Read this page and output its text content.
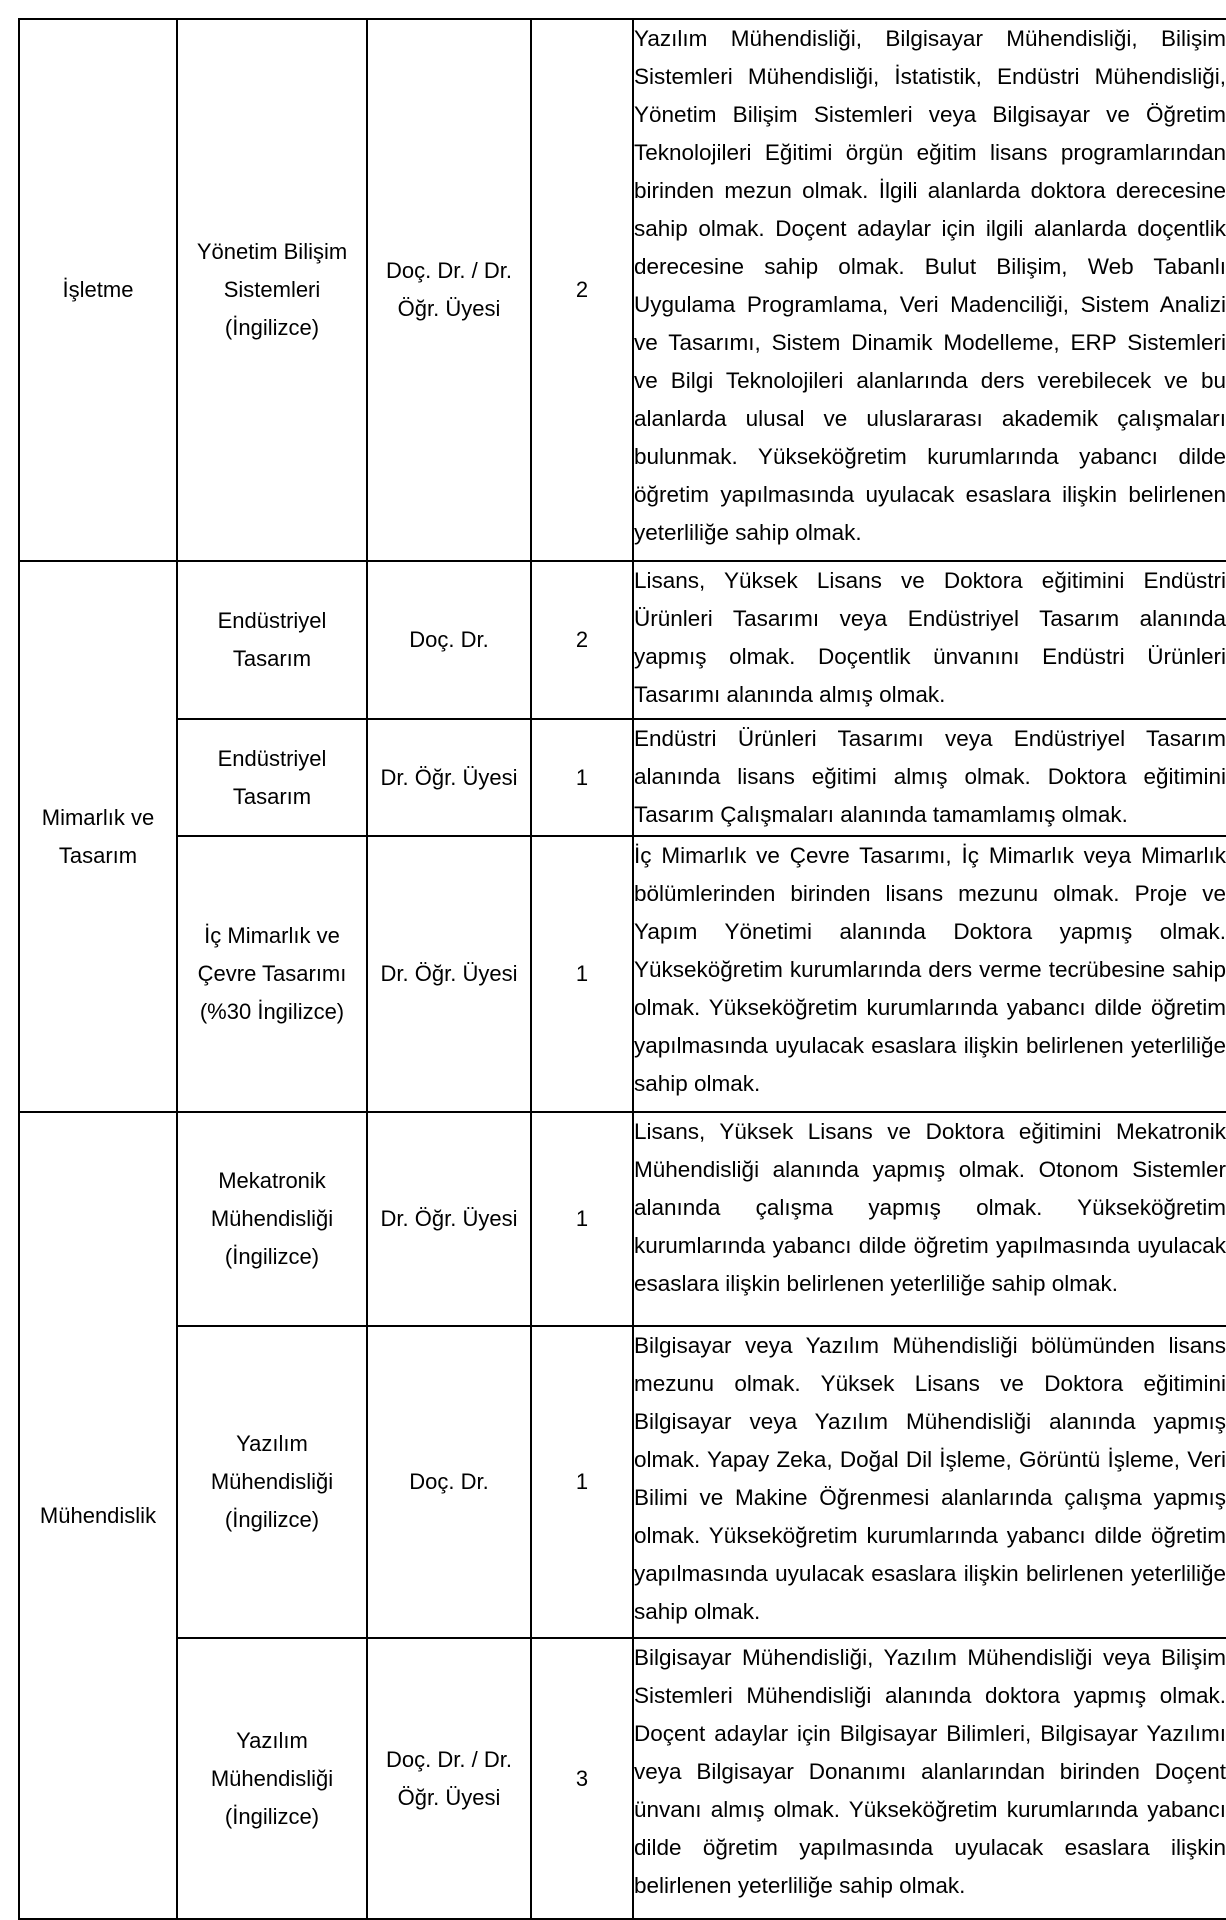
İşletme	Yönetim Bilişim Sistemleri (İngilizce)	Doç. Dr. / Dr. Öğr. Üyesi	2	Yazılım Mühendisliği, Bilgisayar Mühendisliği, Bilişim Sistemleri Mühendisliği, İstatistik, Endüstri Mühendisliği, Yönetim Bilişim Sistemleri veya Bilgisayar ve Öğretim Teknolojileri Eğitimi örgün eğitim lisans programlarından birinden mezun olmak. İlgili alanlarda doktora derecesine sahip olmak. Doçent adaylar için ilgili alanlarda doçentlik derecesine sahip olmak. Bulut Bilişim, Web Tabanlı Uygulama Programlama, Veri Madenciliği, Sistem Analizi ve Tasarımı, Sistem Dinamik Modelleme, ERP Sistemleri ve Bilgi Teknolojileri alanlarında ders verebilecek ve bu alanlarda ulusal ve uluslararası akademik çalışmaları bulunmak. Yükseköğretim kurumlarında yabancı dilde öğretim yapılmasında uyulacak esaslara ilişkin belirlenen yeterliliğe sahip olmak.
Mimarlık ve Tasarım	Endüstriyel Tasarım	Doç. Dr.	2	Lisans, Yüksek Lisans ve Doktora eğitimini Endüstri Ürünleri Tasarımı veya Endüstriyel Tasarım alanında yapmış olmak. Doçentlik ünvanını Endüstri Ürünleri Tasarımı alanında almış olmak.
	Endüstriyel Tasarım	Dr. Öğr. Üyesi	1	Endüstri Ürünleri Tasarımı veya Endüstriyel Tasarım alanında lisans eğitimi almış olmak. Doktora eğitimini Tasarım Çalışmaları alanında tamamlamış olmak.
	İç Mimarlık ve Çevre Tasarımı (%30 İngilizce)	Dr. Öğr. Üyesi	1	İç Mimarlık ve Çevre Tasarımı, İç Mimarlık veya Mimarlık bölümlerinden birinden lisans mezunu olmak. Proje ve Yapım Yönetimi alanında Doktora yapmış olmak. Yükseköğretim kurumlarında ders verme tecrübesine sahip olmak. Yükseköğretim kurumlarında yabancı dilde öğretim yapılmasında uyulacak esaslara ilişkin belirlenen yeterliliğe sahip olmak.
Mühendislik	Mekatronik Mühendisliği (İngilizce)	Dr. Öğr. Üyesi	1	Lisans, Yüksek Lisans ve Doktora eğitimini Mekatronik Mühendisliği alanında yapmış olmak. Otonom Sistemler alanında çalışma yapmış olmak. Yükseköğretim kurumlarında yabancı dilde öğretim yapılmasında uyulacak esaslara ilişkin belirlenen yeterliliğe sahip olmak.
	Yazılım Mühendisliği (İngilizce)	Doç. Dr.	1	Bilgisayar veya Yazılım Mühendisliği bölümünden lisans mezunu olmak. Yüksek Lisans ve Doktora eğitimini Bilgisayar veya Yazılım Mühendisliği alanında yapmış olmak. Yapay Zeka, Doğal Dil İşleme, Görüntü İşleme, Veri Bilimi ve Makine Öğrenmesi alanlarında çalışma yapmış olmak. Yükseköğretim kurumlarında yabancı dilde öğretim yapılmasında uyulacak esaslara ilişkin belirlenen yeterliliğe sahip olmak.
	Yazılım Mühendisliği (İngilizce)	Doç. Dr. / Dr. Öğr. Üyesi	3	Bilgisayar Mühendisliği, Yazılım Mühendisliği veya Bilişim Sistemleri Mühendisliği alanında doktora yapmış olmak. Doçent adaylar için Bilgisayar Bilimleri, Bilgisayar Yazılımı veya Bilgisayar Donanımı alanlarından birinden Doçent ünvanı almış olmak. Yükseköğretim kurumlarında yabancı dilde öğretim yapılmasında uyulacak esaslara ilişkin belirlenen yeterliliğe sahip olmak.
